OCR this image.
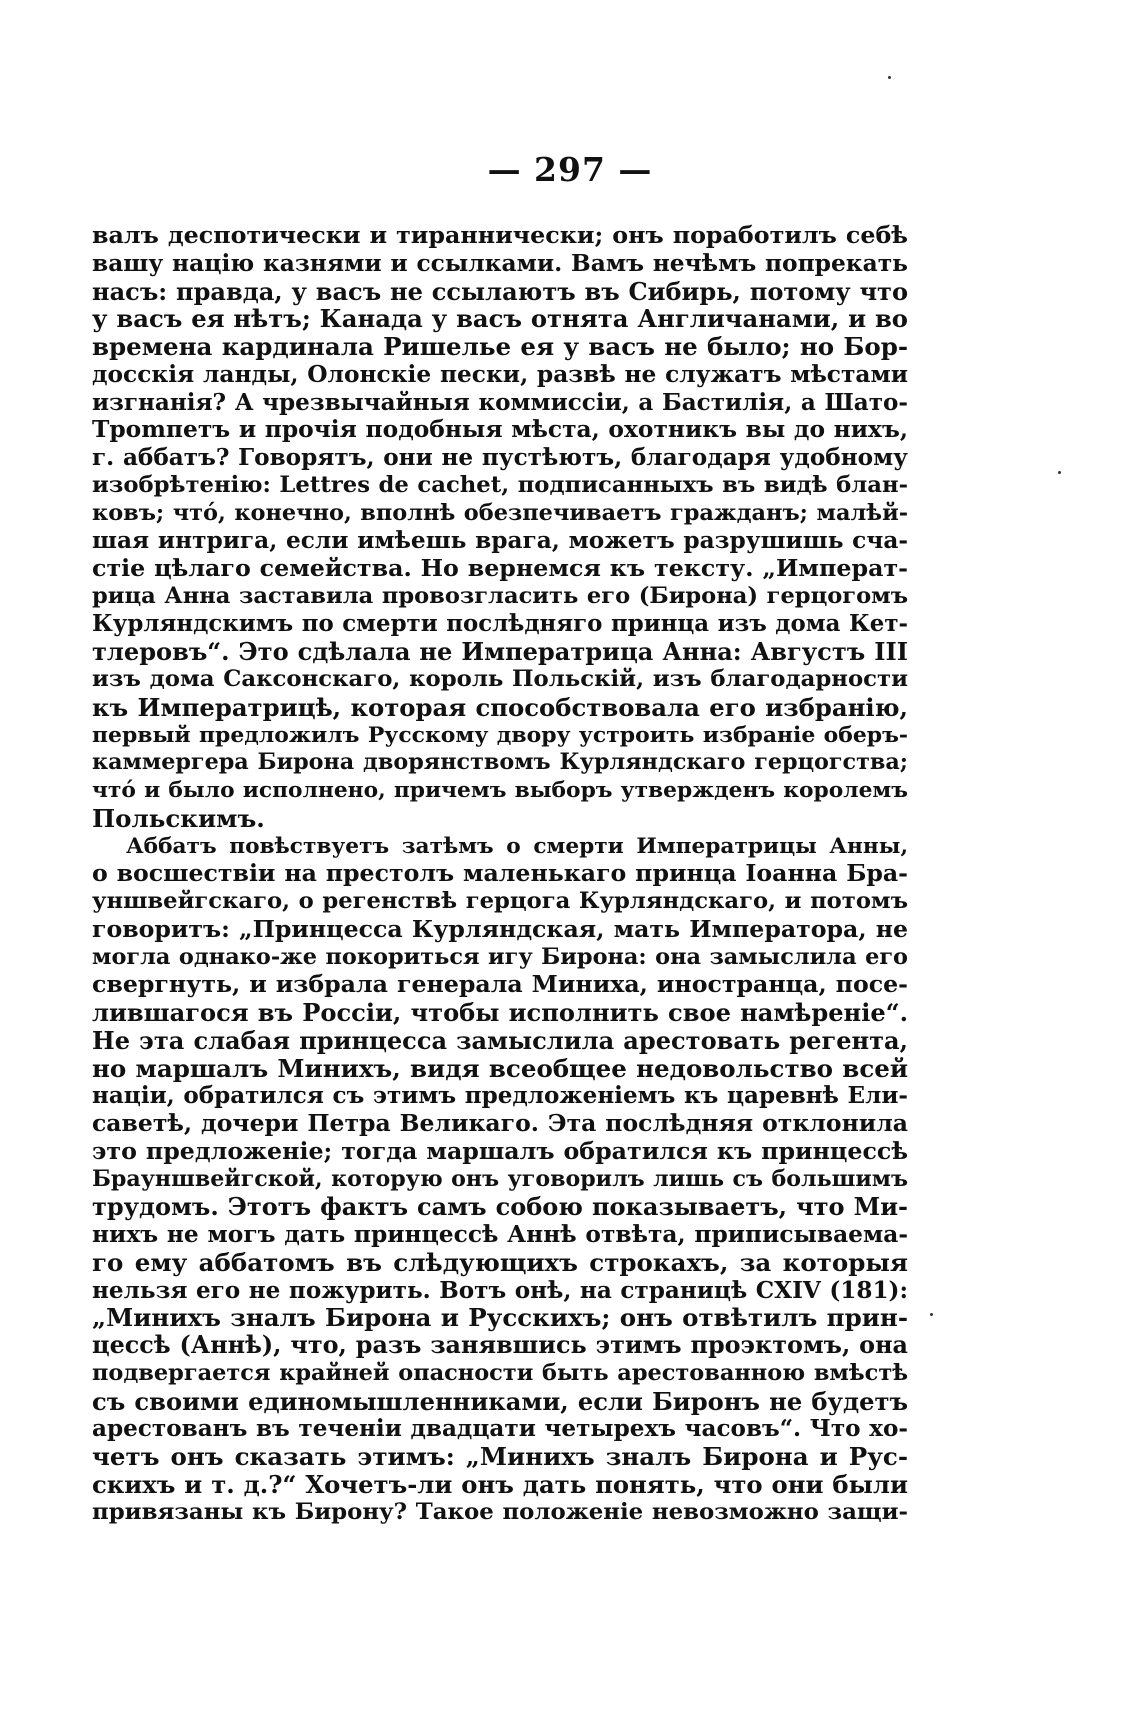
— 297 —
валъ деспотически и тираннически; онъ поработилъ себѣ
вашу націю казнями и ссылками. Вамъ нечѣмъ попрекать
насъ: правда, у васъ не ссылаютъ въ Сибирь, потому что
у васъ ея нѣтъ; Канада у васъ отнята Англичанами, и во
времена кардинала Ришелье ея у васъ не было; но Бор-
досскія ланды, Олонскіе пески, развѣ не служатъ мѣстами
изгнанія? А чрезвычайныя коммиссіи, а Бастилія, а Шато-
Трomпетъ и прочія подобныя мѣста, охотникъ вы до нихъ,
г. аббатъ? Говорятъ, они не пустѣютъ, благодаря удобному
изобрѣтенію: Lettres de cachet, подписанныхъ въ видѣ блан-
ковъ; что́, конечно, вполнѣ обезпечиваетъ гражданъ; малѣй-
шая интрига, если имѣешь врага, можетъ разрушишь сча-
стіе цѣлаго семейства. Но вернемся къ тексту. „Императ-
рица Анна заставила провозгласить его (Бирона) герцогомъ
Курляндскимъ по смерти послѣдняго принца изъ дома Кет-
тлеровъ“. Это сдѣлала не Императрица Анна: Августъ III
изъ дома Саксонскаго, король Польскій, изъ благодарности
къ Императрицѣ, которая способствовала его избранію,
первый предложилъ Русскому двору устроить избраніе оберъ-
каммергера Бирона дворянствомъ Курляндскаго герцогства;
что́ и было исполнено, причемъ выборъ утвержденъ королемъ
Польскимъ.
Аббатъ повѣствуетъ затѣмъ о смерти Императрицы Анны,
о восшествіи на престолъ маленькаго принца Іоанна Бра-
уншвейгскаго, о регенствѣ герцога Курляндскаго, и потомъ
говоритъ: „Принцесса Курляндская, мать Императора, не
могла однако-же покориться игу Бирона: она замыслила его
свергнуть, и избрала генерала Миниха, иностранца, посе-
лившагося въ Россіи, чтобы исполнить свое намѣреніе“.
Не эта слабая принцесса замыслила арестовать регента,
но маршалъ Минихъ, видя всеобщее недовольство всей
націи, обратился съ этимъ предложеніемъ къ царевнѣ Ели-
саветѣ, дочери Петра Великаго. Эта послѣдняя отклонила
это предложеніе; тогда маршалъ обратился къ принцессѣ
Брауншвейгской, которую онъ уговорилъ лишь съ большимъ
трудомъ. Этотъ фактъ самъ собою показываетъ, что Ми-
нихъ не могъ дать принцессѣ Аннѣ отвѣта, приписываема-
го ему аббатомъ въ слѣдующихъ строкахъ, за которыя
нельзя его не пожурить. Вотъ онѣ, на страницѣ CXIV (181):
„Минихъ зналъ Бирона и Русскихъ; онъ отвѣтилъ прин-
цессѣ (Аннѣ), что, разъ занявшись этимъ проэктомъ, она
подвергается крайней опасности быть арестованною вмѣстѣ
съ своими единомышленниками, если Биронъ не будетъ
арестованъ въ теченіи двадцати четырехъ часовъ“. Что хо-
четъ онъ сказать этимъ: „Минихъ зналъ Бирона и Рус-
скихъ и т. д.?“ Хочетъ-ли онъ дать понять, что они были
привязаны къ Бирону? Такое положеніе невозможно защи-
